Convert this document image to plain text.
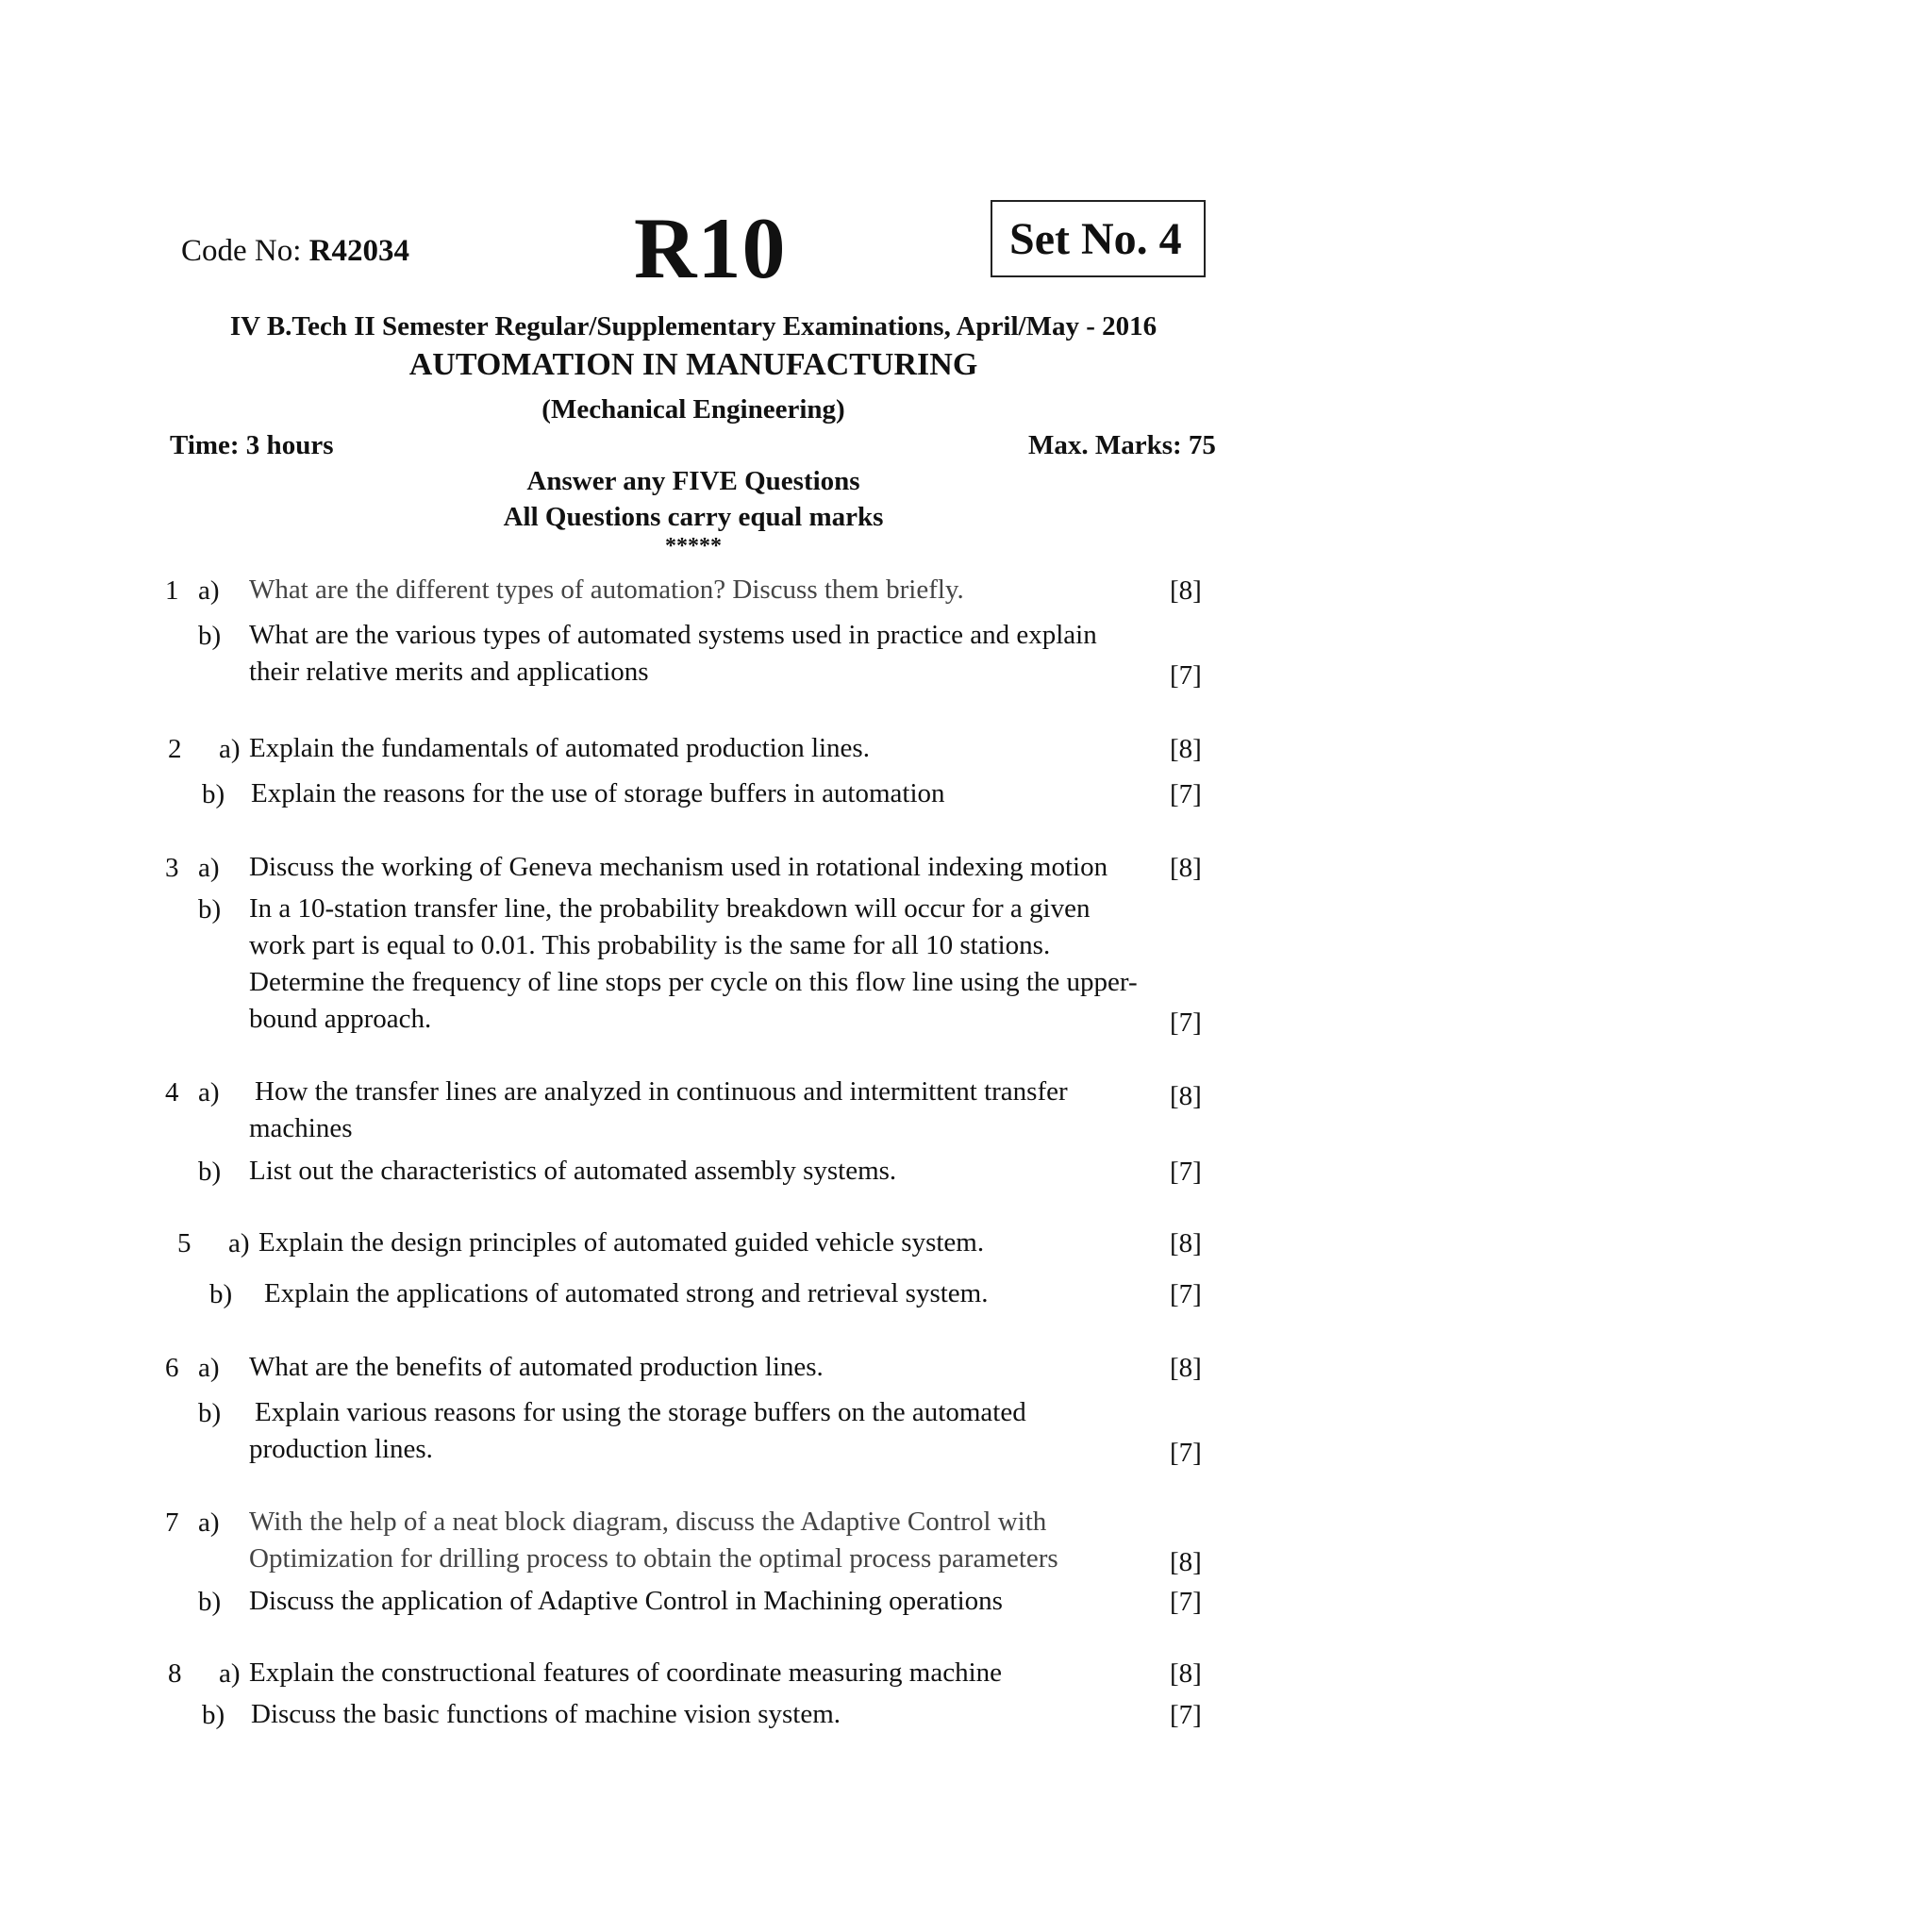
Code No: R42034	R10	Set No. 4
IV B.Tech II Semester Regular/Supplementary Examinations, April/May - 2016
AUTOMATION IN MANUFACTURING
(Mechanical Engineering)
Time: 3 hours	Max. Marks: 75
Answer any FIVE Questions
All Questions carry equal marks
*****
1 a) What are the different types of automation? Discuss them briefly.	[8]
b) What are the various types of automated systems used in practice and explain
their relative merits and applications	[7]
2 a) Explain the fundamentals of automated production lines.	[8]
b) Explain the reasons for the use of storage buffers in automation	[7]
3 a) Discuss the working of Geneva mechanism used in rotational indexing motion [8]
b) In a 10-station transfer line, the probability breakdown will occur for a given
work part is equal to 0.01. This probability is the same for all 10 stations.
Determine the frequency of line stops per cycle on this flow line using the upper-
bound approach.	[7]
4 a) How the transfer lines are analyzed in continuous and intermittent transfer
machines
[8]
b) List out the characteristics of automated assembly systems.	[7]
5 a) Explain the design principles of automated guided vehicle system.	[8]
b) Explain the applications of automated strong and retrieval system.	[7]
6 a) What are the benefits of automated production lines.	[8]
b) Explain various reasons for using the storage buffers on the automated
production lines.	[7]
7 a) With the help of a neat block diagram, discuss the Adaptive Control with
Optimization for drilling process to obtain the optimal process parameters	[8]
b) Discuss the application of Adaptive Control in Machining operations	[7]
8 a) Explain the constructional features of coordinate measuring machine	[8]
b) Discuss the basic functions of machine vision system.	[7]
